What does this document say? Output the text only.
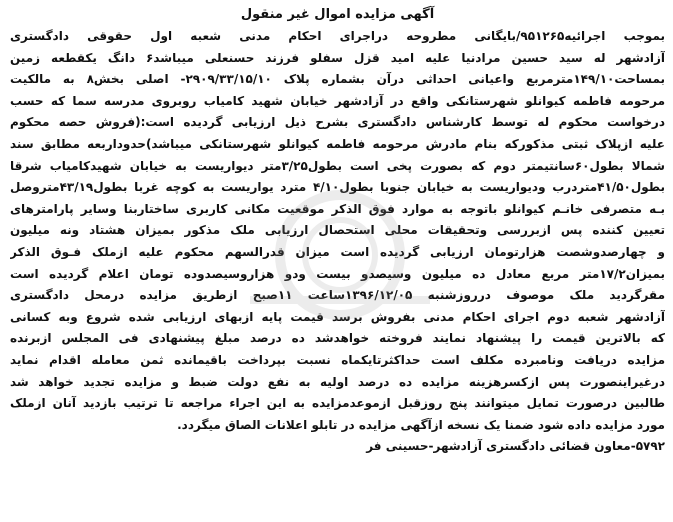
آگهی مزایده اموال غیر منقول
بموجب اجرائیه۹۵۱۲۶۵/بایگانی مطروحه دراجرای احکام مدنی شعبه اول حقوقی دادگستری
آزادشهر له سید حسین مرادنیا علیه امید قزل سفلو فرزند حسنعلی میباشد۶ دانگ یکقطعه زمین
بمساحت۱۴۹/۱۰مترمربع واعیانی احداثی درآن بشماره پلاک ۲۹۰۹/۳۳/۱۵/۱۰- اصلی بخش۸ به مالکیت
مرحومه فاطمه کیوانلو شهرستانکی واقع در آزادشهر خیابان شهید کامیاب روبروی مدرسه سما که حسب
درخواست محکوم له توسط کارشناس دادگستری بشرح ذیل ارزیابی گردیده است:(فروش حصه محکوم
علیه ازپلاک ثبتی مذکورکه بنام مادرش مرحومه فاطمه کیوانلو شهرستانکی میباشد)حدوداربعه مطابق سند
شمالا بطول۶۰سانتیمتر دوم که بصورت پخی است بطول۳/۲۵متر دیواریست به خیابان شهیدکامیاب شرقا
بطول۴۱/۵۰متردرب ودیواریست به خیابان جنوبا بطول۴/۱۰ مترد یواریست به کوچه غربا بطول۴۳/۱۹متروصل
بـه متصرفی خانـم کیوانلو باتوجه به موارد فوق الذکر موقعیت مکانی کاربری ساختاربنا وسایر پارامترهای
تعیین کننده پس ازبررسی وتحقیقات محلی استحصال ارزیابی ملک مذکور بمیزان هشتاد ونه میلیون
و چهارصدوشصت هزارتومان ارزیابی گردیده است میزان قدرالسهم محکوم علیه ازملک فـوق الذکر
بمیزان۱۷/۲متر مربع معادل ده میلیون وسیصدو بیست ودو هزاروسیصدوده تومان اعلام گردیده است
مقرگردید ملک موصوف درروزشنبه ۱۳۹۶/۱۲/۰۵ساعت ۱۱صبح ازطریق مزایده درمحل دادگستری
آزادشهر شعبه دوم اجرای احکام مدنی بفروش برسد قیمت پایه ازبهای ارزیابی شده شروع وبه کسانی
که بالاترین قیمت را پیشنهاد نمایند فروخته خواهدشد ده درصد مبلغ پیشنهادی فی المجلس ازبرنده
مزایده دریافت ونامبرده مکلف است حداکثرتایکماه نسبت بپرداخت باقیمانده ثمن معامله اقدام نماید
درغیراینصورت پس ازکسرهزینه مزایده ده درصد اولیه به نفع دولت ضبط و مزایده تجدید خواهد شد
طالبین درصورت تمایل میتوانند پنج روزقبل ازموعدمزایده به این اجراء مراجعه تا ترتیب بازدید آنان ازملک
مورد مزایده داده شود ضمنا یک نسخه ازآگهی مزایده در تابلو اعلانات الصاق میگردد.
۵۷۹۲-معاون قضائی دادگستری آزادشهر-حسینی فر
